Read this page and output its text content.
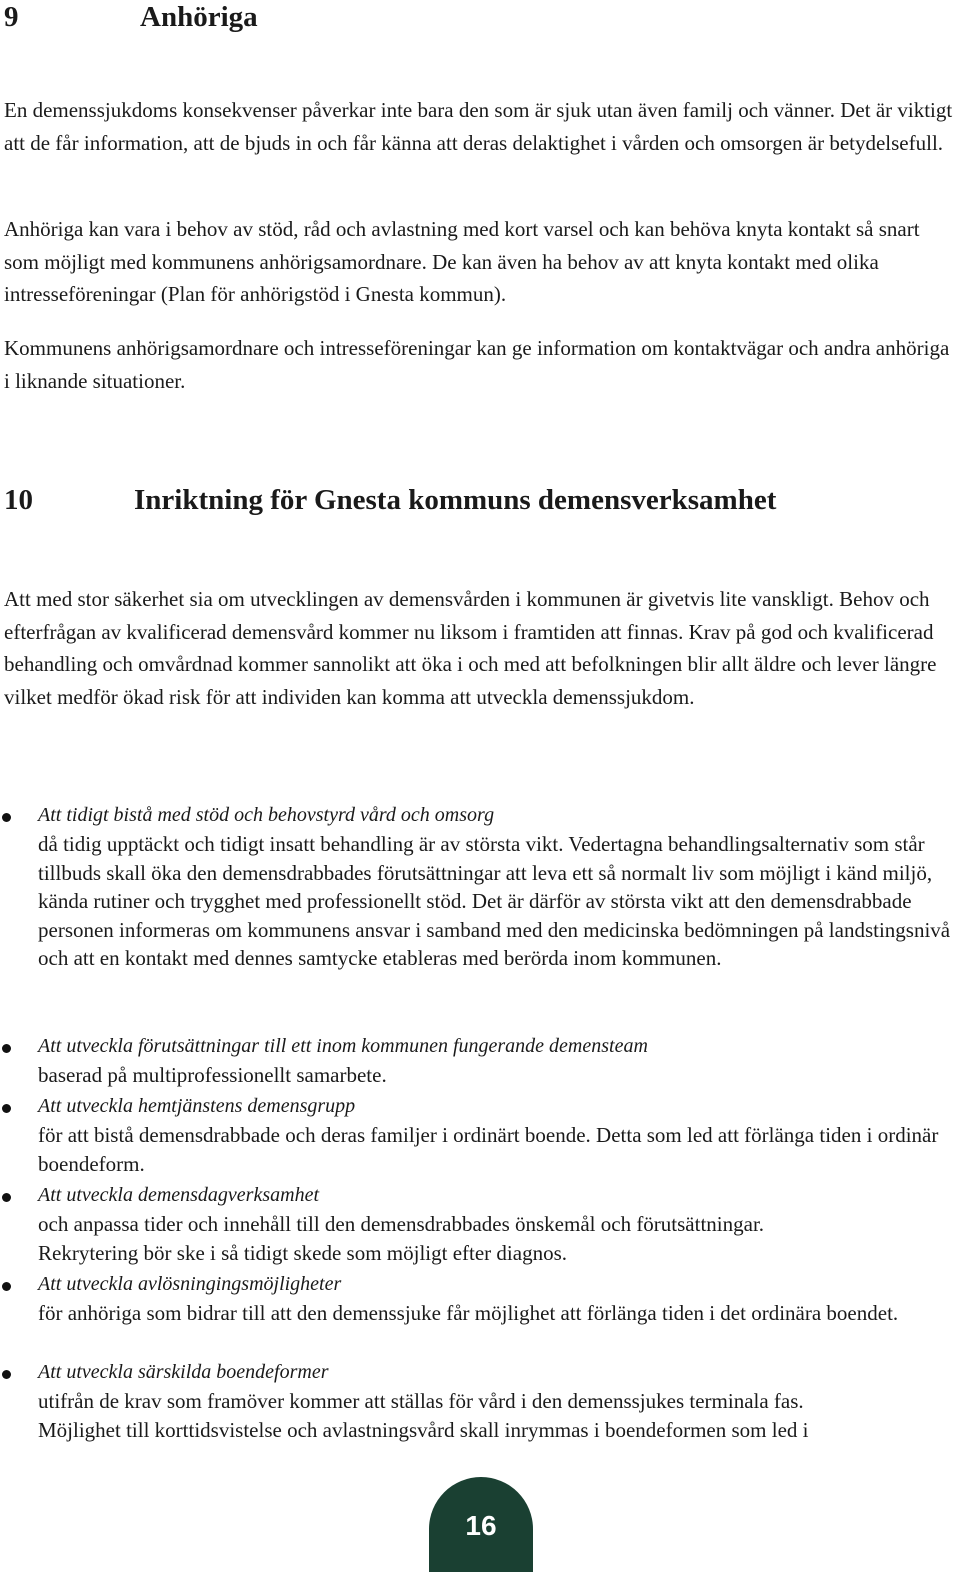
9	Anhöriga

En demenssjukdoms konsekvenser påverkar inte bara den som är sjuk utan även familj och vänner. Det är viktigt att de får information, att de bjuds in och får känna att deras delaktighet i vården och omsorgen är betydelsefull.

Anhöriga kan vara i behov av stöd, råd och avlastning med kort varsel och kan behöva knyta kontakt så snart som möjligt med kommunens anhörigsamordnare. De kan även ha behov av att knyta kontakt med olika intresseföreningar (Plan för anhörigstöd i Gnesta kommun).

Kommunens anhörigsamordnare och intresseföreningar kan ge information om kontaktvägar och andra anhöriga i liknande situationer.

10	Inriktning för Gnesta kommuns demensverksamhet

Att med stor säkerhet sia om utvecklingen av demensvården i kommunen är givetvis lite vanskligt. Behov och efterfrågan av kvalificerad demensvård kommer nu liksom i framtiden att finnas. Krav på god och kvalificerad behandling och omvårdnad kommer sannolikt att öka i och med att befolkningen blir allt äldre och lever längre vilket medför ökad risk för att individen kan komma att utveckla demenssjukdom.

Att tidigt bistå med stöd och behovstyrd vård och omsorg

då tidig upptäckt och tidigt insatt behandling är av största vikt. Vedertagna behandlingsalternativ som står tillbuds skall öka den demensdrabbades förutsättningar att leva ett så normalt liv som möjligt i känd miljö, kända rutiner och trygghet med professionellt stöd. Det är därför av största vikt att den demensdrabbade personen informeras om kommunens ansvar i samband med den medicinska bedömningen på landstingsnivå och att en kontakt med dennes samtycke etableras med berörda inom kommunen.

Att utveckla förutsättningar till ett inom kommunen fungerande demensteam

baserad på multiprofessionellt samarbete.

Att utveckla hemtjänstens demensgrupp

för att bistå demensdrabbade och deras familjer i ordinärt boende. Detta som led att förlänga tiden i ordinär boendeform.

Att utveckla demensdagverksamhet

och anpassa tider och innehåll till den demensdrabbades önskemål och förutsättningar.
Rekrytering bör ske i så tidigt skede som möjligt efter diagnos.

Att utveckla avlösningingsmöjligheter

för anhöriga som bidrar till att den demenssjuke får möjlighet att förlänga tiden i det ordinära boendet.

Att utveckla särskilda boendeformer

utifrån de krav som framöver kommer att ställas för vård i den demenssjukes terminala fas.
Möjlighet till korttidsvistelse och avlastningsvård skall inrymmas i boendeformen som led i

16
